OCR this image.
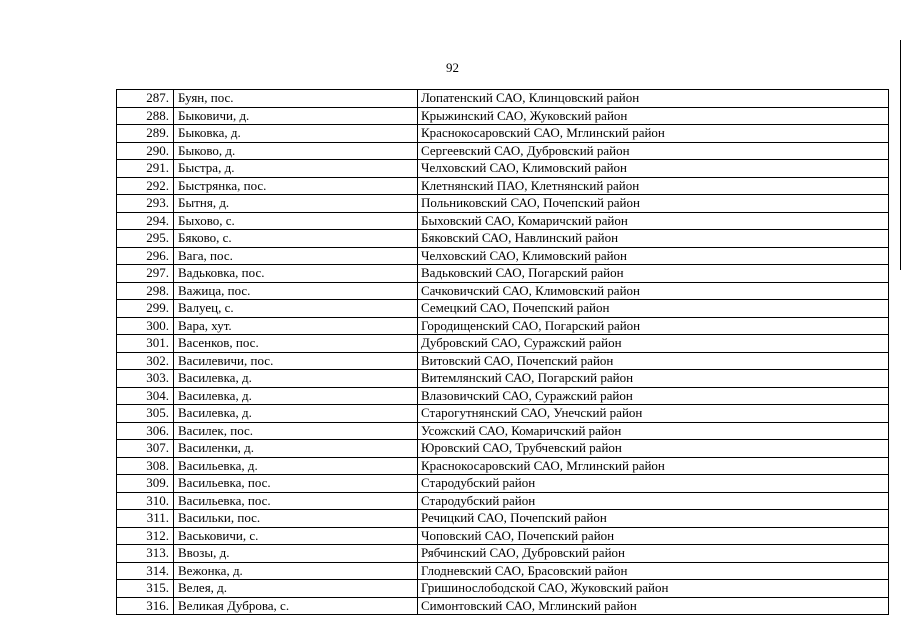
92
287.	Буян, пос.	Лопатенский САО, Клинцовский район
288.	Быковичи, д.	Крыжинский САО, Жуковский район
289.	Быковка, д.	Краснокосаровский САО, Мглинский район
290.	Быково, д.	Сергеевский САО, Дубровский район
291.	Быстра, д.	Челховский САО, Климовский район
292.	Быстрянка, пос.	Клетнянский ПАО, Клетнянский район
293.	Бытня, д.	Польниковский САО, Почепский район
294.	Быхово, с.	Быховский САО, Комаричский район
295.	Бяково, с.	Бяковский САО, Навлинский район
296.	Вага, пос.	Челховский САО, Климовский район
297.	Вадьковка, пос.	Вадьковский САО, Погарский район
298.	Важица, пос.	Сачковичский САО, Климовский район
299.	Валуец, с.	Семецкий САО, Почепский район
300.	Вара, хут.	Городищенский САО, Погарский район
301.	Васенков, пос.	Дубровский САО, Суражский район
302.	Василевичи, пос.	Витовский САО, Почепский район
303.	Василевка, д.	Витемлянский САО, Погарский район
304.	Василевка, д.	Влазовичский САО, Суражский район
305.	Василевка, д.	Старогутнянский САО, Унечский район
306.	Василек, пос.	Усожский САО, Комаричский район
307.	Василенки, д.	Юровский САО, Трубчевский район
308.	Васильевка, д.	Краснокосаровский САО, Мглинский район
309.	Васильевка, пос.	Стародубский район
310.	Васильевка, пос.	Стародубский район
311.	Васильки, пос.	Речицкий САО, Почепский район
312.	Васьковичи, с.	Чоповский САО, Почепский район
313.	Ввозы, д.	Рябчинский САО, Дубровский район
314.	Вежонка, д.	Глодневский САО, Брасовский район
315.	Велея, д.	Гришинослободской САО, Жуковский район
316.	Великая Дуброва, с.	Симонтовский САО, Мглинский район
